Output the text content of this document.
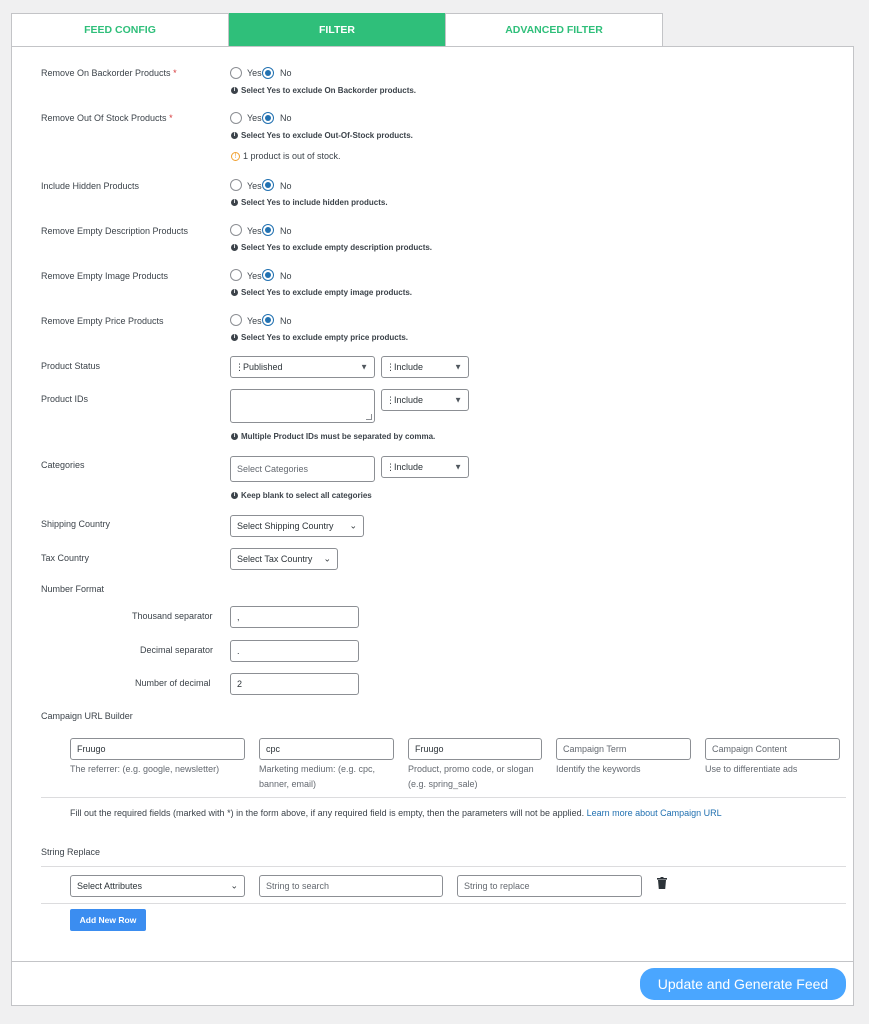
FEED CONFIG	FILTER	ADVANCED FILTER
Remove On Backorder Products *	Yes No
i Select Yes to exclude On Backorder products.
Remove Out Of Stock Products *	Yes No
i Select Yes to exclude Out-Of-Stock products.
! 1 product is out of stock.
Include Hidden Products	Yes No
i Select Yes to include hidden products.
Remove Empty Description Products	Yes No
i Select Yes to exclude empty description products.
Remove Empty Image Products	Yes No
i Select Yes to exclude empty image products.
Remove Empty Price Products	Yes No
i Select Yes to exclude empty price products.
Product Status	⋮ Published	▼ ⋮ Include	▼
Product IDs	⋮ Include	▼
i Multiple Product IDs must be separated by comma.
Categories	Select Categories	⋮ Include	▼
i Keep blank to select all categories
Shipping Country	Select Shipping Country ⌄
Tax Country	Select Tax Country ⌄
Number Format
Thousand separator	,
Decimal separator	.
Number of decimal	2
Campaign URL Builder
Fruugo
The referrer: (e.g. google, newsletter)
cpc
Marketing medium: (e.g. cpc, banner, email)
Fruugo
Product, promo code, or slogan (e.g. spring_sale)
Campaign Term
Identify the keywords
Campaign Content
Use to differentiate ads
Fill out the required fields (marked with *) in the form above, if any required field is empty, then the parameters will not be applied. Learn more about Campaign URL
String Replace
Select Attributes	⌄	String to search	String to replace
Add New Row
Update and Generate Feed
